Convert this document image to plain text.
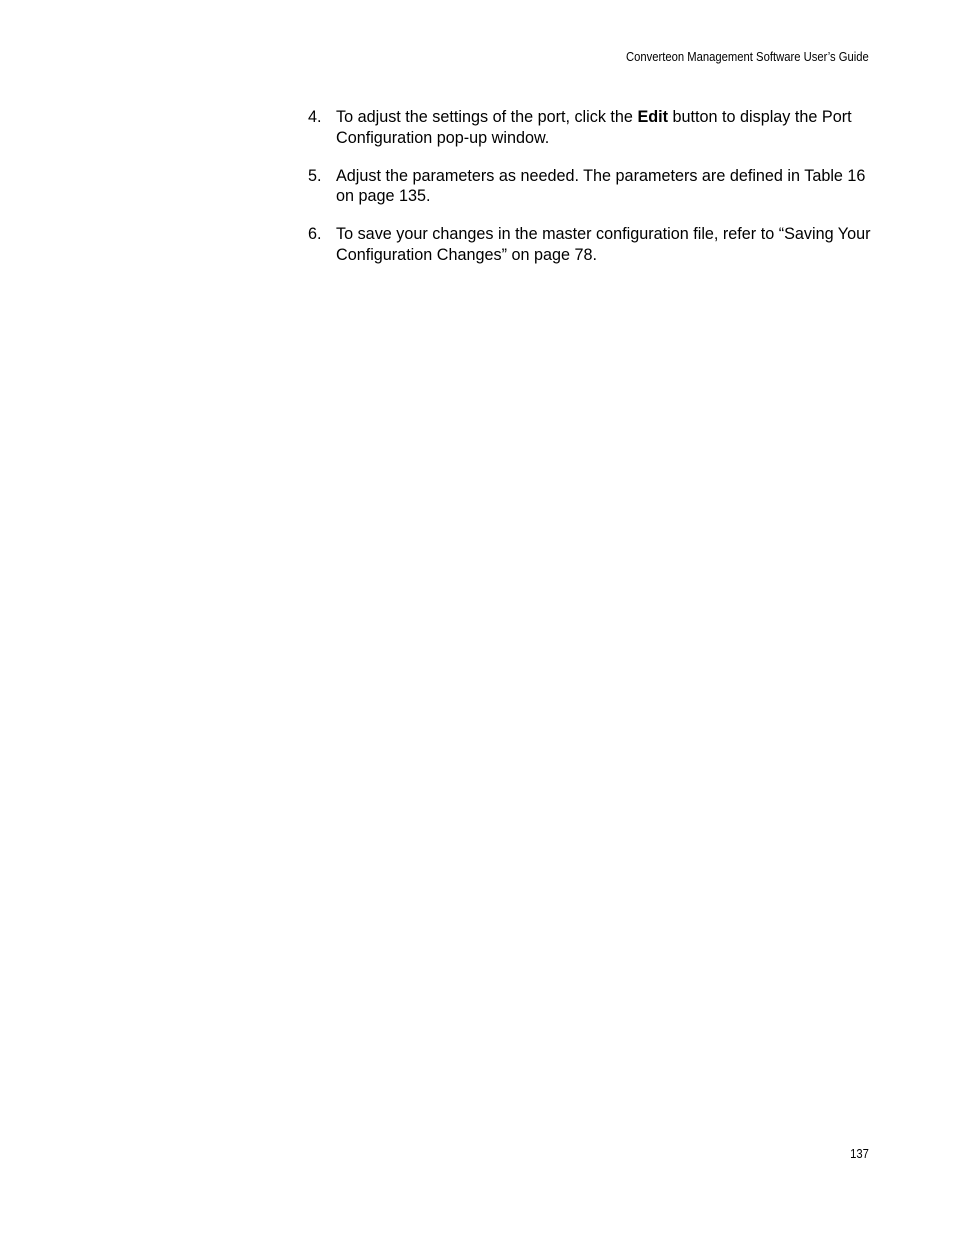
Converteon Management Software User’s Guide
4. To adjust the settings of the port, click the Edit button to display the Port Configuration pop-up window.
5. Adjust the parameters as needed. The parameters are defined in Table 16 on page 135.
6. To save your changes in the master configuration file, refer to “Saving Your Configuration Changes” on page 78.
137
